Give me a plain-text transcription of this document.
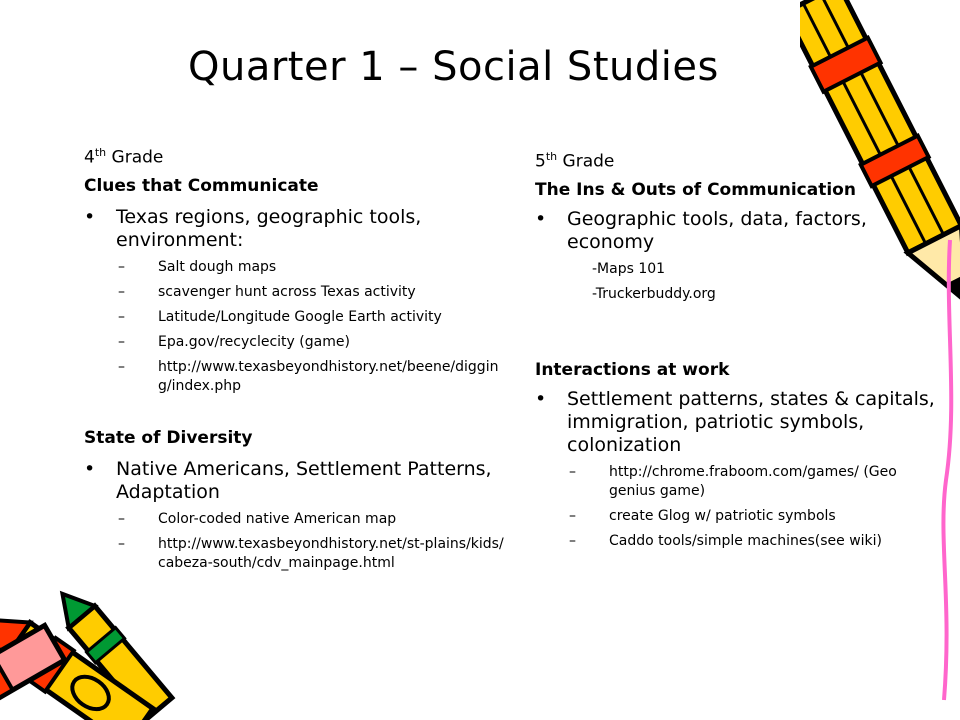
Quarter 1 – Social Studies
4th Grade
Clues that Communicate
• Texas regions, geographic tools, environment:
– Salt dough maps
– scavenger hunt across Texas activity
– Latitude/Longitude Google Earth activity
– Epa.gov/recyclecity (game)
– http://www.texasbeyondhistory.net/beene/digging/index.php
State of Diversity
• Native Americans, Settlement Patterns, Adaptation
– Color-coded native American map
– http://www.texasbeyondhistory.net/st-plains/kids/cabeza-south/cdv_mainpage.html
5th Grade
The Ins & Outs of Communication
• Geographic tools, data, factors, economy
-Maps 101
-Truckerbuddy.org
Interactions at work
• Settlement patterns, states & capitals, immigration, patriotic symbols, colonization
– http://chrome.fraboom.com/games/ (Geo genius game)
– create Glog w/ patriotic symbols
– Caddo tools/simple machines(see wiki)
